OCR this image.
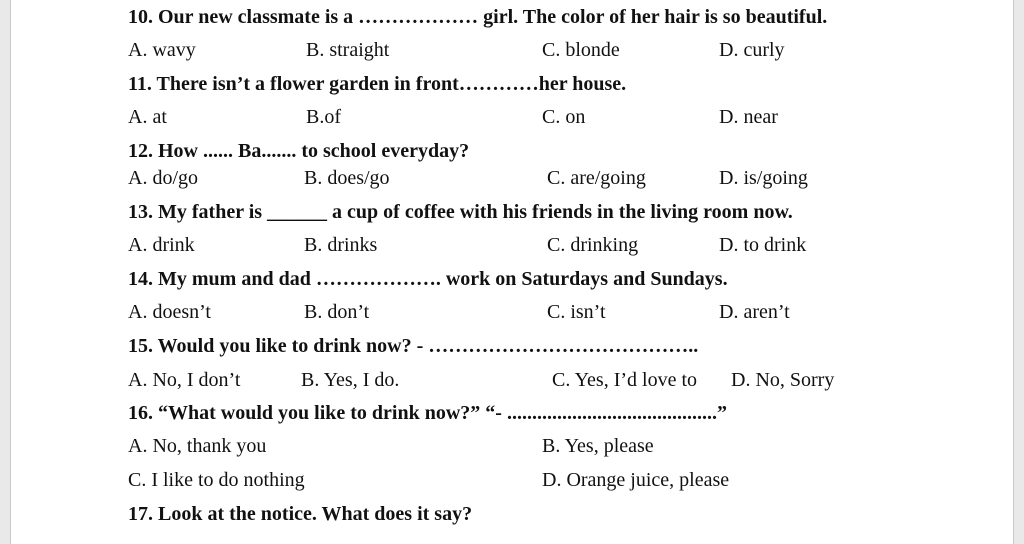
10. Our new classmate is a ……………… girl. The color of her hair is so beautiful.
A. wavy	B. straight	C. blonde	D. curly
11. There isn’t a flower garden in front…………her house.
A. at	B.of	C. on	D. near
12. How ...... Ba....... to school everyday?
A. do/go	B. does/go	C. are/going	D. is/going
13. My father is ______ a cup of coffee with his friends in the living room now.
A. drink	B. drinks	C. drinking	D. to drink
14. My mum and dad ………………. work on Saturdays and Sundays.
A. doesn’t	B. don’t	C. isn’t	D. aren’t
15. Would you like to drink now? - …………………………………..
A. No, I don’t	B. Yes, I do.	C. Yes, I’d love to D. No, Sorry
16. “What would you like to drink now?” “- ..........................................”
A. No, thank you	B. Yes, please
C. I like to do nothing	D. Orange juice, please
17. Look at the notice. What does it say?
